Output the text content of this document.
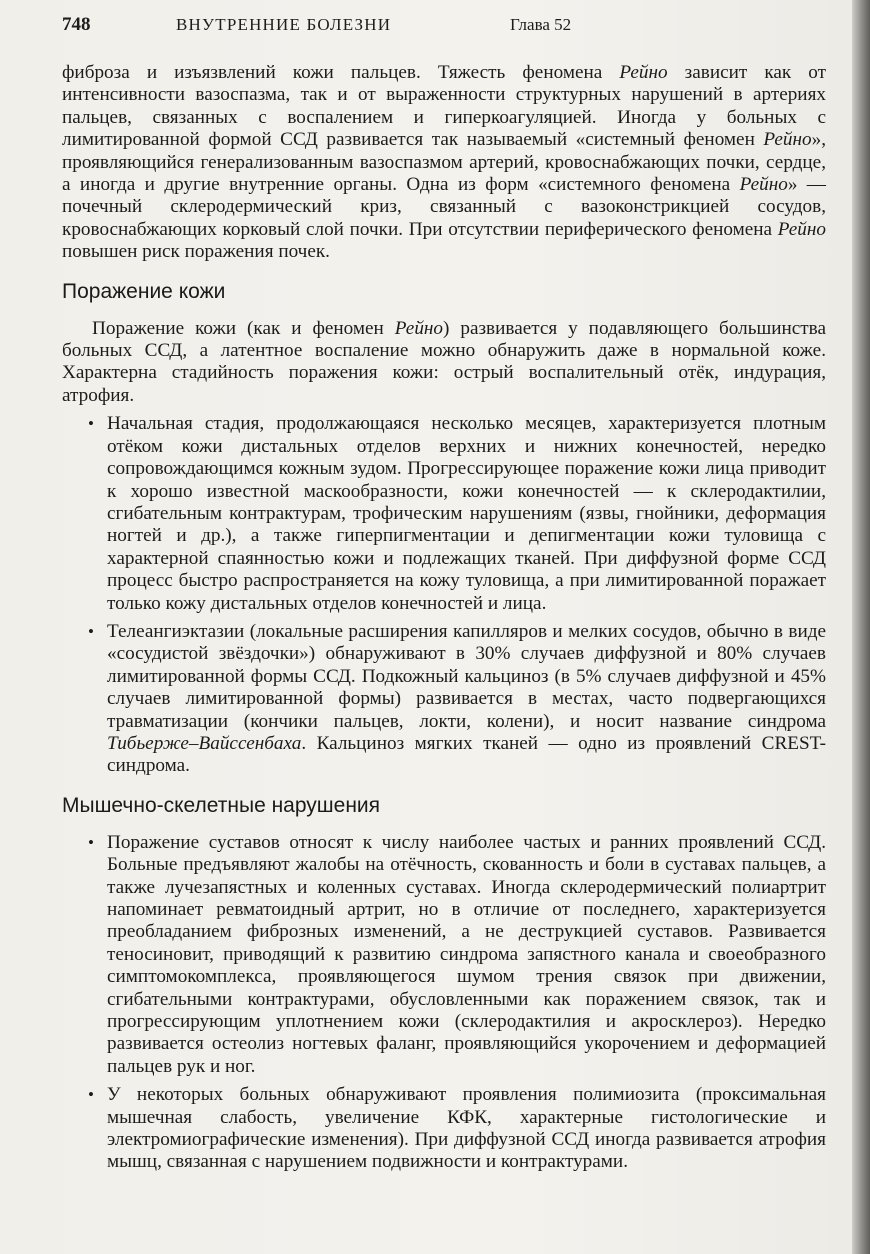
748	ВНУТРЕННИЕ БОЛЕЗНИ	Глава 52

фиброза и изъязвлений кожи пальцев. Тяжесть феномена Рейно зависит как от интенсивности вазоспазма, так и от выраженности структурных нарушений в артериях пальцев, связанных с воспалением и гиперкоагуляцией. Иногда у больных с лимитированной формой ССД развивается так называемый «системный феномен Рейно», проявляющийся генерализованным вазоспазмом артерий, кровоснабжающих почки, сердце, а иногда и другие внутренние органы. Одна из форм «системного феномена Рейно» — почечный склеродермический криз, связанный с вазоконстрикцией сосудов, кровоснабжающих корковый слой почки. При отсутствии периферического феномена Рейно повышен риск поражения почек.

Поражение кожи

Поражение кожи (как и феномен Рейно) развивается у подавляющего большинства больных ССД, а латентное воспаление можно обнаружить даже в нормальной коже. Характерна стадийность поражения кожи: острый воспалительный отёк, индурация, атрофия.

• Начальная стадия, продолжающаяся несколько месяцев, характеризуется плотным отёком кожи дистальных отделов верхних и нижних конечностей, нередко сопровождающимся кожным зудом. Прогрессирующее поражение кожи лица приводит к хорошо известной маскообразности, кожи конечностей — к склеродактилии, сгибательным контрактурам, трофическим нарушениям (язвы, гнойники, деформация ногтей и др.), а также гиперпигментации и депигментации кожи туловища с характерной спаянностью кожи и подлежащих тканей. При диффузной форме ССД процесс быстро распространяется на кожу туловища, а при лимитированной поражает только кожу дистальных отделов конечностей и лица.
• Телеангиэктазии (локальные расширения капилляров и мелких сосудов, обычно в виде «сосудистой звёздочки») обнаруживают в 30% случаев диффузной и 80% случаев лимитированной формы ССД. Подкожный кальциноз (в 5% случаев диффузной и 45% случаев лимитированной формы) развивается в местах, часто подвергающихся травматизации (кончики пальцев, локти, колени), и носит название синдрома Тибьерже–Вайссенбаха. Кальциноз мягких тканей — одно из проявлений CREST-синдрома.
Мышечно-скелетные нарушения
• Поражение суставов относят к числу наиболее частых и ранних проявлений ССД. Больные предъявляют жалобы на отёчность, скованность и боли в суставах пальцев, а также лучезапястных и коленных суставах. Иногда склеродермический полиартрит напоминает ревматоидный артрит, но в отличие от последнего, характеризуется преобладанием фиброзных изменений, а не деструкцией суставов. Развивается теносиновит, приводящий к развитию синдрома запястного канала и своеобразного симптомокомплекса, проявляющегося шумом трения связок при движении, сгибательными контрактурами, обусловленными как поражением связок, так и прогрессирующим уплотнением кожи (склеродактилия и акросклероз). Нередко развивается остеолиз ногтевых фаланг, проявляющийся укорочением и деформацией пальцев рук и ног.
• У некоторых больных обнаруживают проявления полимиозита (проксимальная мышечная слабость, увеличение КФК, характерные гистологические и электромиографические изменения). При диффузной ССД иногда развивается атрофия мышц, связанная с нарушением подвижности и контрактурами.
